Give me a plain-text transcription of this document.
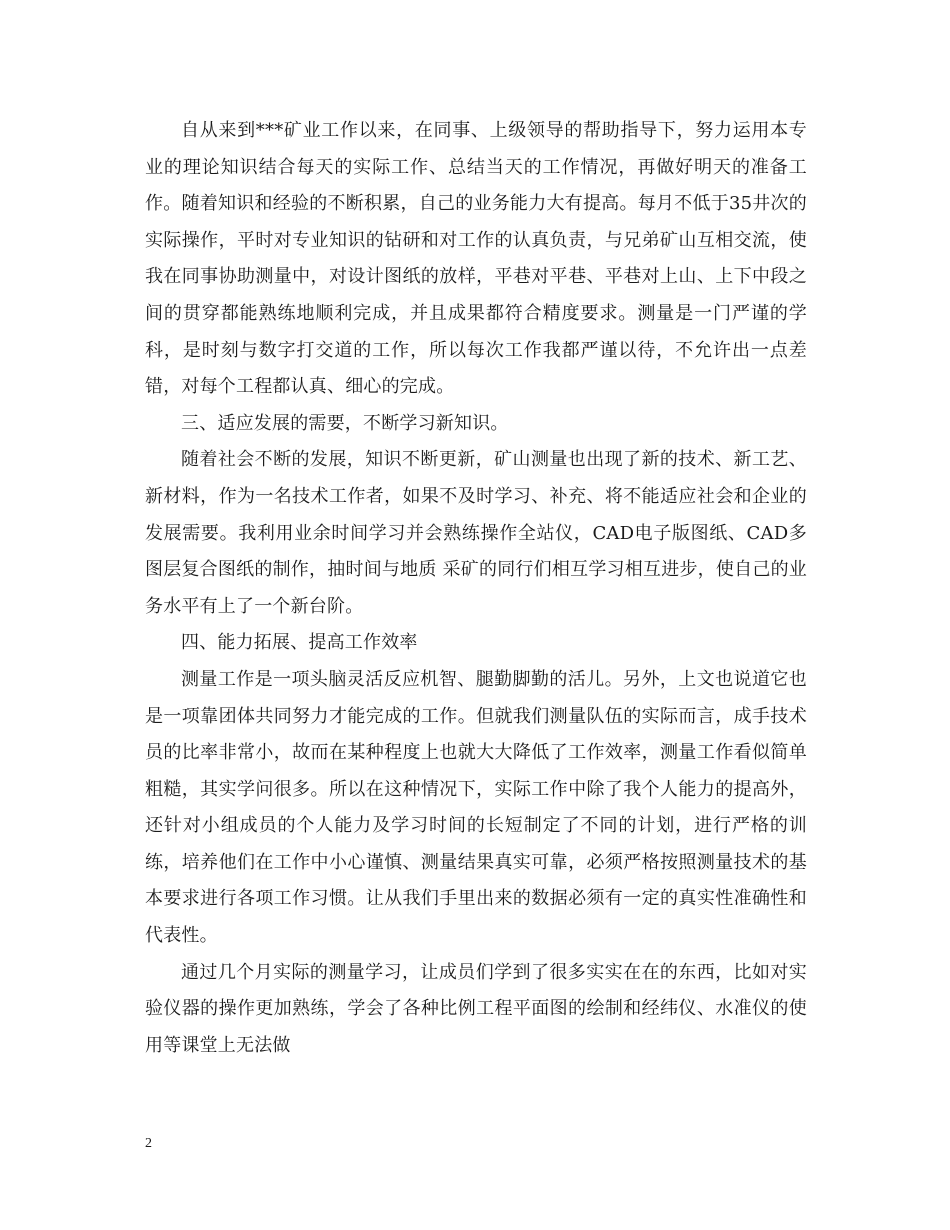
自从来到***矿业工作以来，在同事、上级领导的帮助指导下，努力运用本专业的理论知识结合每天的实际工作、总结当天的工作情况，再做好明天的准备工作。随着知识和经验的不断积累，自己的业务能力大有提高。每月不低于35井次的实际操作，平时对专业知识的钻研和对工作的认真负责，与兄弟矿山互相交流，使我在同事协助测量中，对设计图纸的放样，平巷对平巷、平巷对上山、上下中段之间的贯穿都能熟练地顺利完成，并且成果都符合精度要求。测量是一门严谨的学科，是时刻与数字打交道的工作，所以每次工作我都严谨以待，不允许出一点差错，对每个工程都认真、细心的完成。

三、适应发展的需要，不断学习新知识。

随着社会不断的发展，知识不断更新，矿山测量也出现了新的技术、新工艺、新材料，作为一名技术工作者，如果不及时学习、补充、将不能适应社会和企业的发展需要。我利用业余时间学习并会熟练操作全站仪，CAD电子版图纸、CAD多图层复合图纸的制作，抽时间与地质 采矿的同行们相互学习相互进步，使自己的业务水平有上了一个新台阶。

四、能力拓展、提高工作效率

测量工作是一项头脑灵活反应机智、腿勤脚勤的活儿。另外，上文也说道它也是一项靠团体共同努力才能完成的工作。但就我们测量队伍的实际而言，成手技术员的比率非常小，故而在某种程度上也就大大降低了工作效率，测量工作看似简单粗糙，其实学问很多。所以在这种情况下，实际工作中除了我个人能力的提高外，还针对小组成员的个人能力及学习时间的长短制定了不同的计划，进行严格的训练，培养他们在工作中小心谨慎、测量结果真实可靠，必须严格按照测量技术的基本要求进行各项工作习惯。让从我们手里出来的数据必须有一定的真实性准确性和代表性。

通过几个月实际的测量学习，让成员们学到了很多实实在在的东西，比如对实验仪器的操作更加熟练，学会了各种比例工程平面图的绘制和经纬仪、水准仪的使用等课堂上无法做

2
